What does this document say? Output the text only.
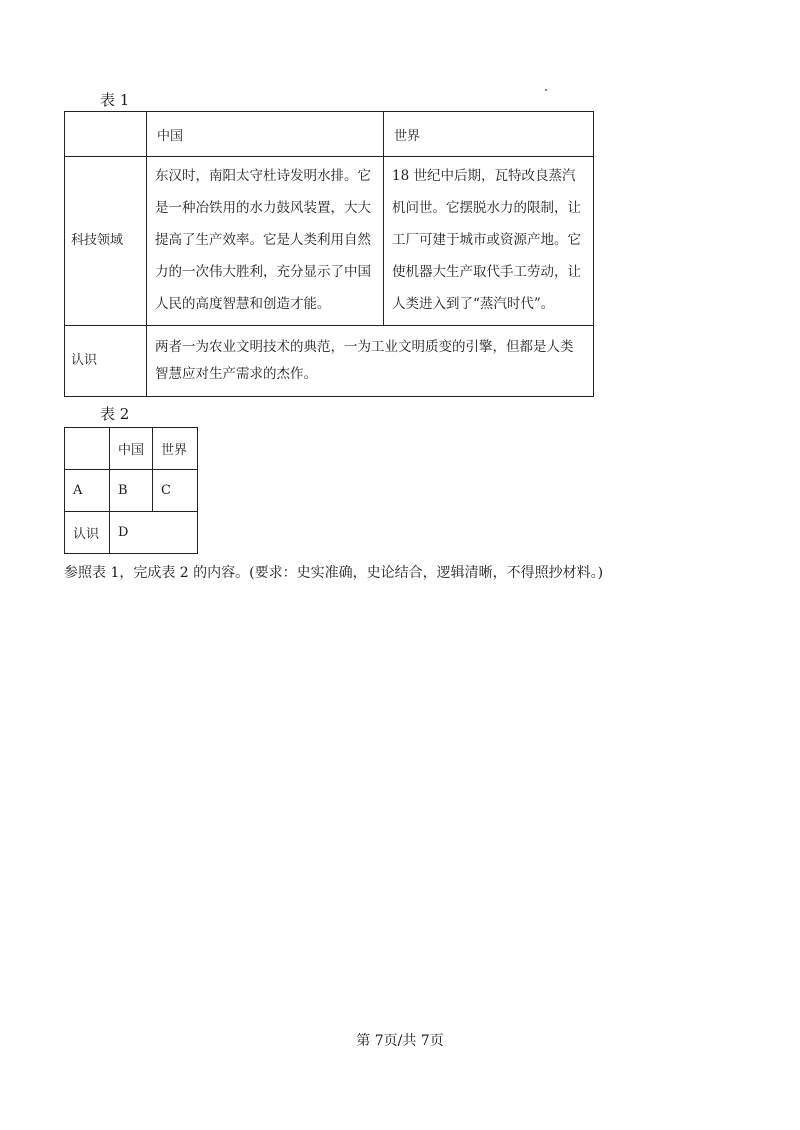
表 1
	中国	世界
科技领域	东汉时，南阳太守杜诗发明水排。它是一种冶铁用的水力鼓风装置，大大提高了生产效率。它是人类利用自然力的一次伟大胜利，充分显示了中国人民的高度智慧和创造才能。	18 世纪中后期，瓦特改良蒸汽机问世。它摆脱水力的限制，让工厂可建于城市或资源产地。它使机器大生产取代手工劳动，让人类进入到了“蒸汽时代”。
认识	两者一为农业文明技术的典范，一为工业文明质变的引擎，但都是人类智慧应对生产需求的杰作。	
表 2
	中国	世界
A	B	C
认识	D	
参照表 1，完成表 2 的内容。(要求：史实准确，史论结合，逻辑清晰，不得照抄材料。)
第 7页/共 7页
